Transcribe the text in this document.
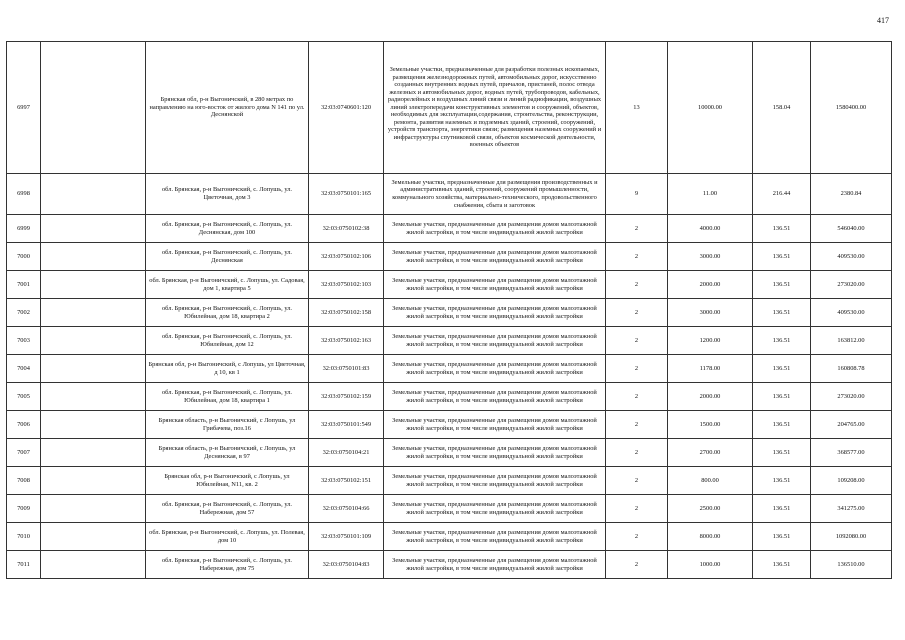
417
6997		Брянская обл, р-н Выгоничский, в 280 метрах по направлению на юго-восток от жилого дома N 141 по ул. Деснянской	32:03:0740601:120	Земельные участки, предназначенные для разработки полезных ископаемых, размещения железнодорожных путей, автомобильных дорог, искусственно созданных внутренних водных путей, причалов, пристаней, полос отвода железных и автомобильных дорог, водных путей, трубопроводов, кабельных, радиорелейных и воздушных линий связи и линий радиофикации, воздушных линий электропередачи конструктивных элементов и сооружений, объектов, необходимых для эксплуатации,содержания, строительства, реконструкции, ремонта, развития наземных и подземных зданий, строений, сооружений, устройств транспорта, энергетики связи; размещения наземных сооружений и инфраструктуры спутниковой связи, объектов космической деятельности, военных объектов	13	10000.00	158.04	1580400.00
6998		обл. Брянская, р-н Выгоничский, с. Лопушь, ул. Цветочная, дом 3	32:03:0750101:165	Земельные участки, предназначенные для размещения производственных и административных зданий, строений, сооружений промышленности, коммунального хозяйства, материально-технического, продовольственного снабжения, сбыта и заготовок	9	11.00	216.44	2380.84
6999		обл. Брянская, р-н Выгоничский, с. Лопушь, ул. Деснянская, дом 100	32:03:0750102:38	Земельные участки, предназначенные для размещения домов малоэтажной жилой застройки, в том числе индивидуальной жилой застройки	2	4000.00	136.51	546040.00
7000		обл. Брянская, р-н Выгоничский, с. Лопушь, ул. Деснянская	32:03:0750102:106	Земельные участки, предназначенные для размещения домов малоэтажной жилой застройки, в том числе индивидуальной жилой застройки	2	3000.00	136.51	409530.00
7001		обл. Брянская, р-н Выгоничский, с. Лопушь, ул. Садовая, дом 1, квартира 5	32:03:0750102:103	Земельные участки, предназначенные для размещения домов малоэтажной жилой застройки, в том числе индивидуальной жилой застройки	2	2000.00	136.51	273020.00
7002		обл. Брянская, р-н Выгоничский, с. Лопушь, ул. Юбилейная, дом 18, квартира 2	32:03:0750102:158	Земельные участки, предназначенные для размещения домов малоэтажной жилой застройки, в том числе индивидуальной жилой застройки	2	3000.00	136.51	409530.00
7003		обл. Брянская, р-н Выгоничский, с. Лопушь, ул. Юбилейная, дом 12	32:03:0750102:163	Земельные участки, предназначенные для размещения домов малоэтажной жилой застройки, в том числе индивидуальной жилой застройки	2	1200.00	136.51	163812.00
7004		Брянская обл, р-н Выгоничский, с Лопушь, ул Цветочная, д 10, кв 1	32:03:0750101:83	Земельные участки, предназначенные для размещения домов малоэтажной жилой застройки, в том числе индивидуальной жилой застройки	2	1178.00	136.51	160808.78
7005		обл. Брянская, р-н Выгоничский, с. Лопушь, ул. Юбилейная, дом 18, квартира 1	32:03:0750102:159	Земельные участки, предназначенные для размещения домов малоэтажной жилой застройки, в том числе индивидуальной жилой застройки	2	2000.00	136.51	273020.00
7006		Брянская область, р-н Выгоничский, с Лопушь, ул Грибачева, поз.16	32:03:0750101:549	Земельные участки, предназначенные для размещения домов малоэтажной жилой застройки, в том числе индивидуальной жилой застройки	2	1500.00	136.51	204765.00
7007		Брянская область, р-н Выгоничский, с Лопушь, ул Деснянская, в 97	32:03:0750104:21	Земельные участки, предназначенные для размещения домов малоэтажной жилой застройки, в том числе индивидуальной жилой застройки	2	2700.00	136.51	368577.00
7008		Брянская обл, р-н Выгоничский, с Лопушь, ул Юбилейная, N11, кв. 2	32:03:0750102:151	Земельные участки, предназначенные для размещения домов малоэтажной жилой застройки, в том числе индивидуальной жилой застройки	2	800.00	136.51	109208.00
7009		обл. Брянская, р-н Выгоничский, с. Лопушь, ул. Набережная, дом 57	32:03:0750104:66	Земельные участки, предназначенные для размещения домов малоэтажной жилой застройки, в том числе индивидуальной жилой застройки	2	2500.00	136.51	341275.00
7010		обл. Брянская, р-н Выгоничский, с. Лопушь, ул. Полевая, дом 10	32:03:0750101:109	Земельные участки, предназначенные для размещения домов малоэтажной жилой застройки, в том числе индивидуальной жилой застройки	2	8000.00	136.51	1092080.00
7011		обл. Брянская, р-н Выгоничский, с. Лопушь, ул. Набережная, дом 75	32:03:0750104:83	Земельные участки, предназначенные для размещения домов малоэтажной жилой застройки, в том числе индивидуальной жилой застройки	2	1000.00	136.51	136510.00
